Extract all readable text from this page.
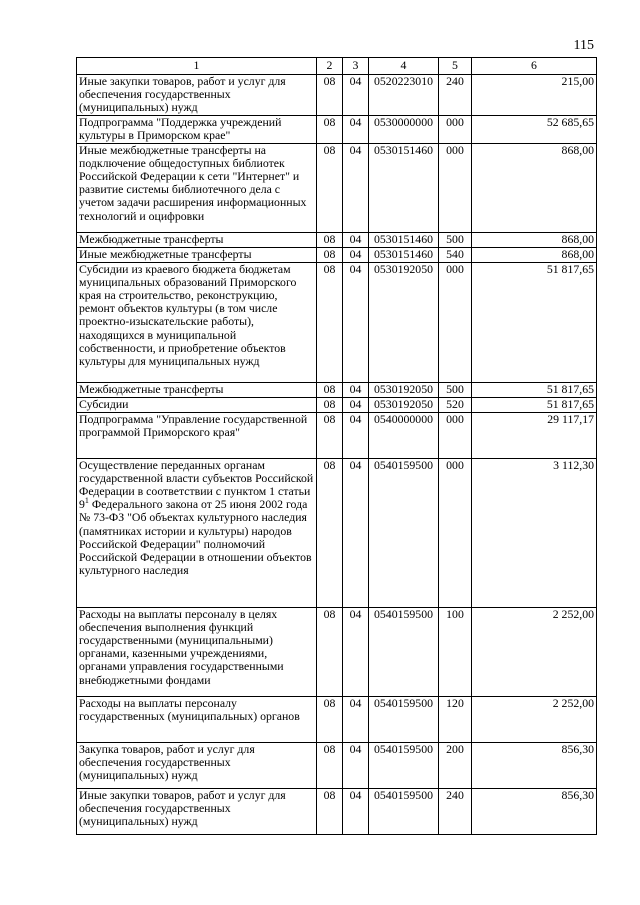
115
1	2	3	4	5	6
Иные закупки товаров, работ и услуг для обеспечения государственных (муниципальных) нужд	08	04	0520223010	240	215,00
Подпрограмма "Поддержка учреждений культуры в Приморском крае"	08	04	0530000000	000	52 685,65
Иные межбюджетные трансферты на подключение общедоступных библиотек Российской Федерации к сети "Интернет" и развитие системы библиотечного дела с учетом задачи расширения информационных технологий и оцифровки	08	04	0530151460	000	868,00
Межбюджетные трансферты	08	04	0530151460	500	868,00
Иные межбюджетные трансферты	08	04	0530151460	540	868,00
Субсидии из краевого бюджета бюджетам муниципальных образований Приморского края на строительство, реконструкцию, ремонт объектов культуры (в том числе проектно-изыскательские работы), находящихся в муниципальной собственности, и приобретение объектов культуры для муниципальных нужд	08	04	0530192050	000	51 817,65
Межбюджетные трансферты	08	04	0530192050	500	51 817,65
Субсидии	08	04	0530192050	520	51 817,65
Подпрограмма "Управление государственной программой Приморского края"	08	04	0540000000	000	29 117,17
Осуществление переданных органам государственной власти субъектов Российской Федерации в соответствии с пунктом 1 статьи $9^1$ Федерального закона от 25 июня 2002 года № 73-ФЗ "Об объектах культурного наследия (памятниках истории и культуры) народов Российской Федерации" полномочий Российской Федерации в отношении объектов культурного наследия	08	04	0540159500	000	3 112,30
Расходы на выплаты персоналу в целях обеспечения выполнения функций государственными (муниципальными) органами, казенными учреждениями, органами управления государственными внебюджетными фондами	08	04	0540159500	100	2 252,00
Расходы на выплаты персоналу государственных (муниципальных) органов	08	04	0540159500	120	2 252,00
Закупка товаров, работ и услуг для обеспечения государственных (муниципальных) нужд	08	04	0540159500	200	856,30
Иные закупки товаров, работ и услуг для обеспечения государственных (муниципальных) нужд	08	04	0540159500	240	856,30
